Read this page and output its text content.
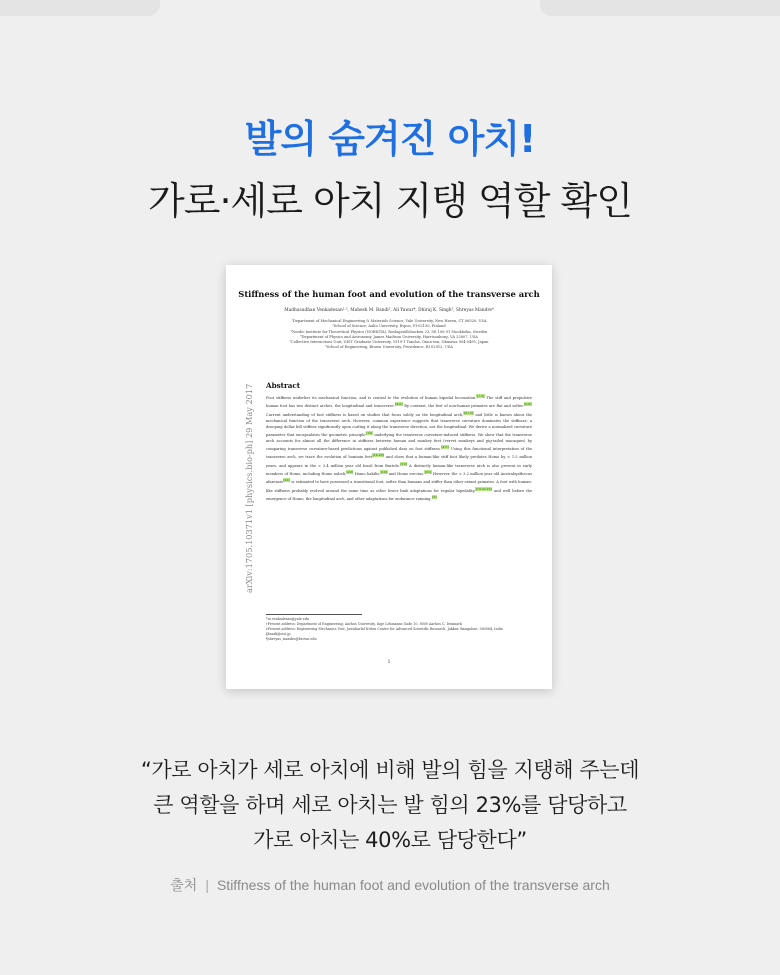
발의 숨겨진 아치!
가로·세로 아치 지탱 역할 확인
Stiffness of the human foot and evolution of the transverse arch
Madhusudhan Venkadesan¹·², Mahesh M. Bandi³, Ali Yawar⁴, Dhiraj K. Singh³, Shreyas Mandre⁴
¹Department of Mechanical Engineering & Materials Science, Yale University, New Haven, CT 06520, USA
²School of Science, Aalto University, Espoo, FI-02150, Finland
³Nordic Institute for Theoretical Physics (NORDITA), Roslagstullsbacken 23, SE 106 91 Stockholm, Sweden
⁴Department of Physics and Astronomy, James Madison University, Harrisonburg, VA 22807, USA
⁵Collective Interactions Unit, OIST Graduate University, 1919-1 Tancha, Onna-son, Okinawa 904-0495, Japan
⁶School of Engineering, Brown University, Providence, RI 02912, USA
arXiv:1705.10371v1 [physics.bio-ph] 29 May 2017 Abstract
Foot stiffness underlies its mechanical function, and is central to the evolution of human bipedal locomotion.[1-3] The stiff and propulsive human foot has two distinct arches, the longitudinal and transverse.[4-6] By contrast, the feet of non-human primates are flat and softer.[6-8] Current understanding of foot stiffness is based on studies that focus solely on the longitudinal arch,[9-12] and little is known about the mechanical function of the transverse arch. However, common experience suggests that transverse curvature dominates the stiffness; a drooping dollar bill stiffens significantly upon curling it along the transverse direction, not the longitudinal. We derive a normalized curvature parameter that encapsulates the geometric principle[13] underlying the transverse curvature-induced stiffness. We show that the transverse arch accounts for almost all the difference in stiffness between human and monkey feet (vervet monkeys and pig-tailed macaques) by comparing transverse curvature-based predictions against published data on foot stiffness.[4,5] Using this functional interpretation of the transverse arch, we trace the evolution of hominin feet[14-20] and show that a human-like stiff foot likely predates Homo by ≈ 1.5 million years, and appears in the ≈ 3.4 million year old fossil from Burtele.[19] A distinctly human-like transverse arch is also present in early members of Homo, including Homo naledi,[20] Homo habilis,[16] and Homo erectus.[21] However, the ≈ 3.2 million year old Australopithecus afarensis[22] is estimated to have possessed a transitional foot, softer than humans and stiffer than other extant primates. A foot with human-like stiffness probably evolved around the same time as other lower limb adaptations for regular bipedality,[19,22,23] and well before the emergence of Homo, the longitudinal arch, and other adaptations for endurance running.[3]
*m.venkadesan@yale.edu
†Present address: Department of Engineering, Aarhus University, Inge Lehmanns Gade 10, 8000 Aarhus C, Denmark
‡Present address: Engineering Mechanics Unit, Jawaharlal Nehru Centre for Advanced Scientific Research, Jakkur, Bangalore, 560064, India
§bandi@oist.jp
¶shreyas_mandre@brown.edu
1
“가로 아치가 세로 아치에 비해 발의 힘을 지탱해 주는데
큰 역할을 하며 세로 아치는 발 힘의 23%를 담당하고
가로 아치는 40%로 담당한다”
출처 | Stiffness of the human foot and evolution of the transverse arch
